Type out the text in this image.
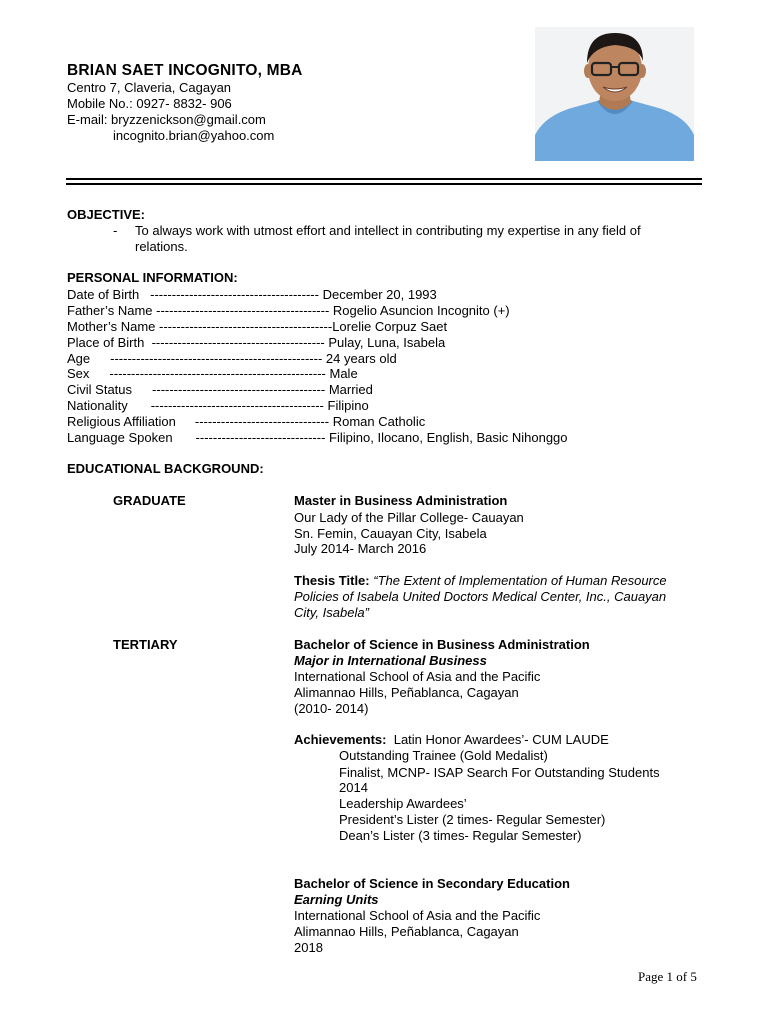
BRIAN SAET INCOGNITO, MBA
Centro 7, Claveria, Cagayan
Mobile No.: 0927- 8832- 906
E-mail: bryzzenickson@gmail.com
incognito.brian@yahoo.com
OBJECTIVE:
- To always work with utmost effort and intellect in contributing my expertise in any field of
relations.
PERSONAL INFORMATION:
Date of Birth --------------------------------------- December 20, 1993
Father’s Name ---------------------------------------- Rogelio Asuncion Incognito (+)
Mother’s Name ----------------------------------------Lorelie Corpuz Saet
Place of Birth ---------------------------------------- Pulay, Luna, Isabela
Age ------------------------------------------------- 24 years old
Sex -------------------------------------------------- Male
Civil Status ---------------------------------------- Married
Nationality ---------------------------------------- Filipino
Religious Affiliation ------------------------------- Roman Catholic
Language Spoken ------------------------------ Filipino, Ilocano, English, Basic Nihonggo
EDUCATIONAL BACKGROUND:
GRADUATE	Master in Business Administration
Our Lady of the Pillar College- Cauayan
Sn. Femin, Cauayan City, Isabela
July 2014- March 2016
Thesis Title: “The Extent of Implementation of Human Resource
Policies of Isabela United Doctors Medical Center, Inc., Cauayan
City, Isabela”
TERTIARY	Bachelor of Science in Business Administration
Major in International Business
International School of Asia and the Pacific
Alimannao Hills, Peñablanca, Cagayan
(2010- 2014)
Achievements: Latin Honor Awardees’- CUM LAUDE
Outstanding Trainee (Gold Medalist)
Finalist, MCNP- ISAP Search For Outstanding Students
2014
Leadership Awardees’
President’s Lister (2 times- Regular Semester)
Dean’s Lister (3 times- Regular Semester)
Bachelor of Science in Secondary Education
Earning Units
International School of Asia and the Pacific
Alimannao Hills, Peñablanca, Cagayan
2018
Page 1 of 5
